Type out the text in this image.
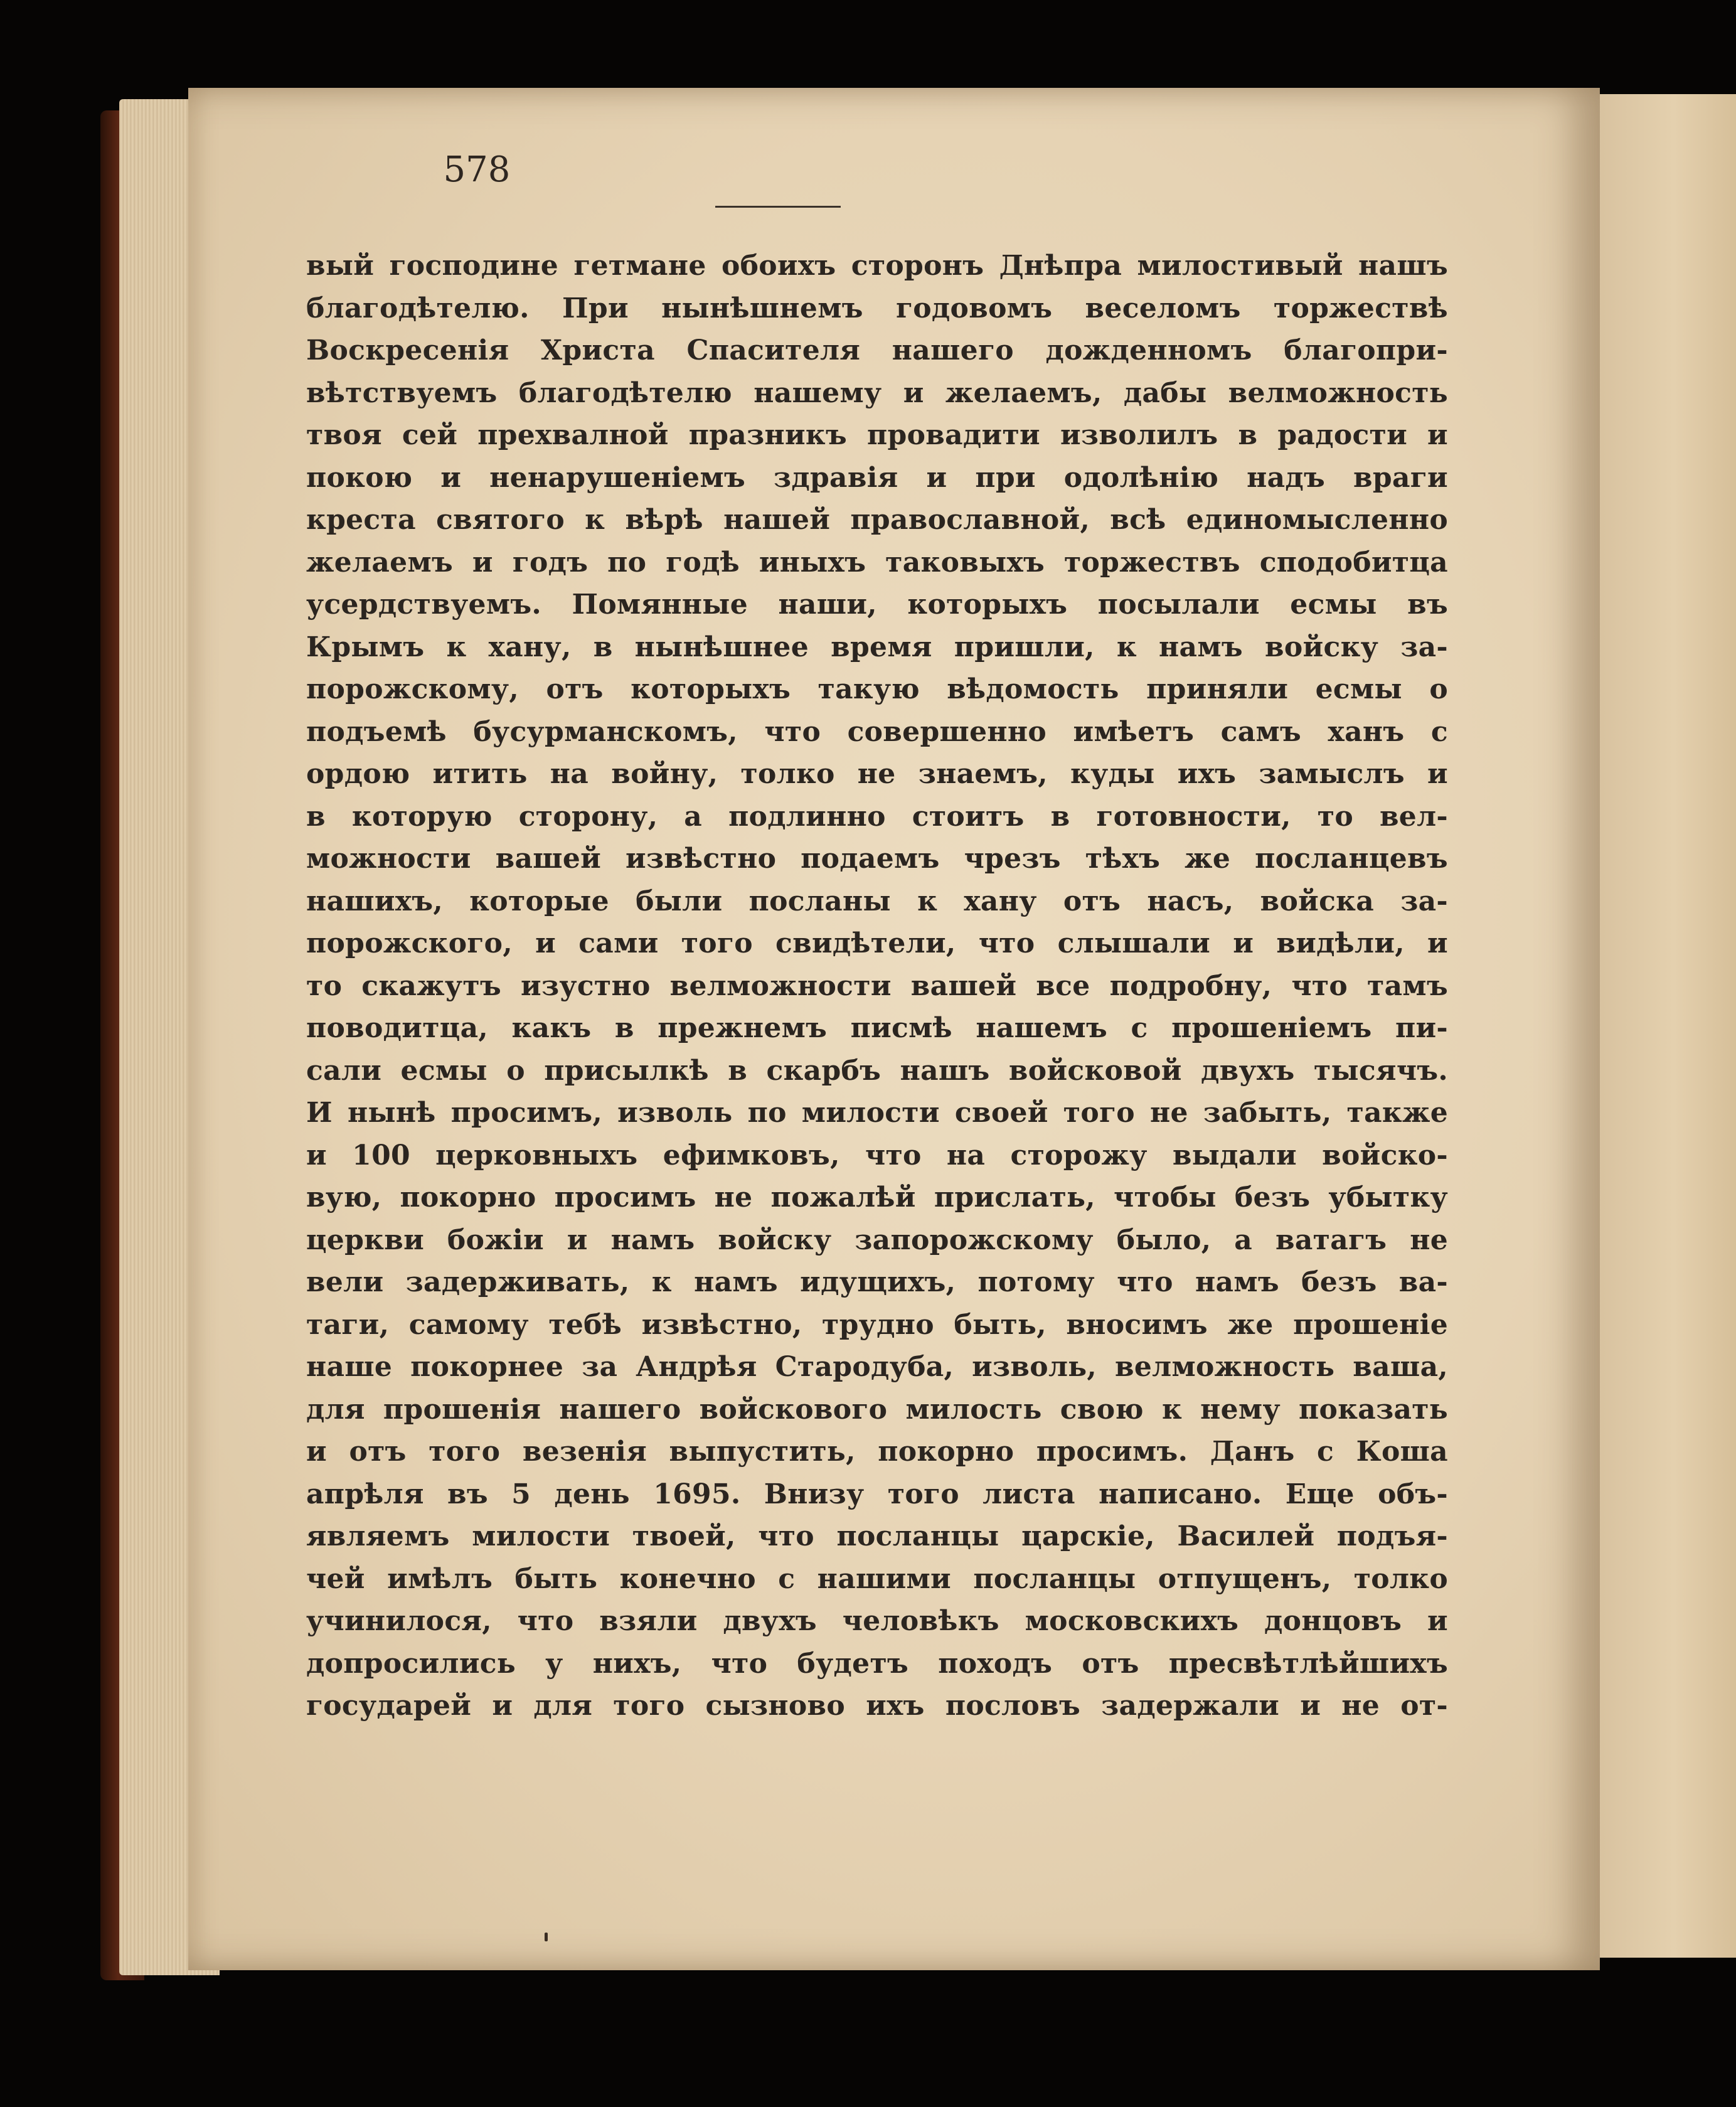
578
вый господине гетмане обоихъ сторонъ Днѣпра милостивый нашъ
благодѣтелю. При нынѣшнемъ годовомъ веселомъ торжествѣ
Воскресенія Христа Спасителя нашего дожденномъ благопри-
вѣтствуемъ благодѣтелю нашему и желаемъ, дабы велможность
твоя сей прехвалной празникъ провадити изволилъ в радости и
покою и ненарушеніемъ здравія и при одолѣнію надъ враги
креста святого к вѣрѣ нашей православной, всѣ единомысленно
желаемъ и годъ по годѣ иныхъ таковыхъ торжествъ сподобитца
усердствуемъ. Помянные наши, которыхъ посылали есмы въ
Крымъ к хану, в нынѣшнее время пришли, к намъ войску за-
порожскому, отъ которыхъ такую вѣдомость приняли есмы о
подъемѣ бусурманскомъ, что совершенно имѣетъ самъ ханъ с
ордою итить на войну, толко не знаемъ, куды ихъ замыслъ и
в которую сторону, а подлинно стоитъ в готовности, то вел-
можности вашей извѣстно подаемъ чрезъ тѣхъ же посланцевъ
нашихъ, которые были посланы к хану отъ насъ, войска за-
порожского, и сами того свидѣтели, что слышали и видѣли, и
то скажутъ изустно велможности вашей все подробну, что тамъ
поводитца, какъ в прежнемъ писмѣ нашемъ с прошеніемъ пи-
сали есмы о присылкѣ в скарбъ нашъ войсковой двухъ тысячъ.
И нынѣ просимъ, изволь по милости своей того не забыть, также
и 100 церковныхъ ефимковъ, что на сторожу выдали войско-
вую, покорно просимъ не пожалѣй прислать, чтобы безъ убытку
церкви божіи и намъ войску запорожскому было, а ватагъ не
вели задерживать, к намъ идущихъ, потому что намъ безъ ва-
таги, самому тебѣ извѣстно, трудно быть, вносимъ же прошеніе
наше покорнее за Андрѣя Стародуба, изволь, велможность ваша,
для прошенія нашего войскового милость свою к нему показать
и отъ того везенія выпустить, покорно просимъ. Данъ с Коша
апрѣля въ 5 день 1695. Внизу того листа написано. Еще объ-
являемъ милости твоей, что посланцы царскіе, Василей подъя-
чей имѣлъ быть конечно с нашими посланцы отпущенъ, толко
учинилося, что взяли двухъ человѣкъ московскихъ донцовъ и
допросились у нихъ, что будетъ походъ отъ пресвѣтлѣйшихъ
государей и для того сызново ихъ пословъ задержали и не от-
